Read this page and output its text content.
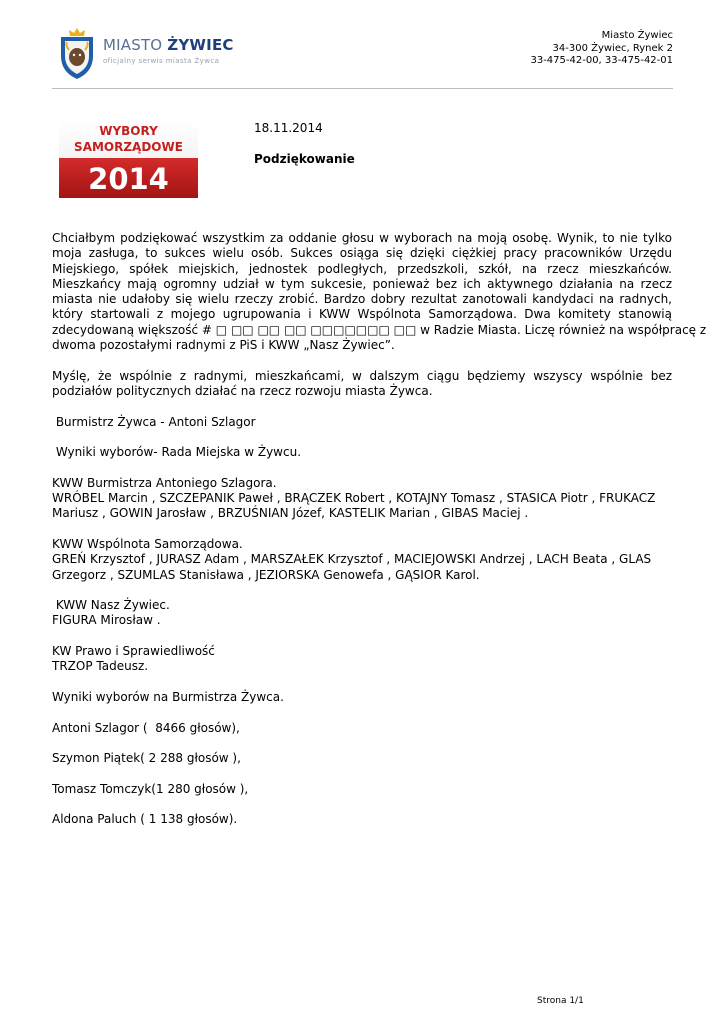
MIASTO ŻYWIEC
oficjalny serwis miasta Żywca
Miasto Żywiec
34-300 Żywiec, Rynek 2
33-475-42-00, 33-475-42-01
WYBORY
SAMORZĄDOWE
2014
18.11.2014
Podziękowanie
Chciałbym podziękować wszystkim za oddanie głosu w wyborach na moją osobę. Wynik, to nie tylko
moja zasługa, to sukces wielu osób. Sukces osiąga się dzięki ciężkiej pracy pracowników Urzędu
Miejskiego, spółek miejskich, jednostek podległych, przedszkoli, szkół, na rzecz mieszkańców.
Mieszkańcy mają ogromny udział w tym sukcesie, ponieważ bez ich aktywnego działania na rzecz
miasta nie udałoby się wielu rzeczy zrobić. Bardzo dobry rezultat zanotowali kandydaci na radnych,
który startowali z mojego ugrupowania i KWW Wspólnota Samorządowa. Dwa komitety stanowią
zdecydowaną większość # □ □□ □□ □□ □□□□□□□ □□ w Radzie Miasta. Liczę również na współpracę z
dwoma pozostałymi radnymi z PiS i KWW „Nasz Żywiec”.
Myślę, że wspólnie z radnymi, mieszkańcami, w dalszym ciągu będziemy wszyscy wspólnie bez
podziałów politycznych działać na rzecz rozwoju miasta Żywca.
Burmistrz Żywca - Antoni Szlagor
Wyniki wyborów- Rada Miejska w Żywcu.
KWW Burmistrza Antoniego Szlagora.
WRÓBEL Marcin , SZCZEPANIK Paweł , BRĄCZEK Robert , KOTAJNY Tomasz , STASICA Piotr , FRUKACZ
Mariusz , GOWIN Jarosław , BRZUŚNIAN Józef, KASTELIK Marian , GIBAS Maciej .
KWW Wspólnota Samorządowa.
GREŃ Krzysztof , JURASZ Adam , MARSZAŁEK Krzysztof , MACIEJOWSKI Andrzej , LACH Beata , GLAS
Grzegorz , SZUMLAS Stanisława , JEZIORSKA Genowefa , GĄSIOR Karol.
KWW Nasz Żywiec.
FIGURA Mirosław .
KW Prawo i Sprawiedliwość
TRZOP Tadeusz.
Wyniki wyborów na Burmistrza Żywca.
Antoni Szlagor (  8466 głosów),
Szymon Piątek( 2 288 głosów ),
Tomasz Tomczyk(1 280 głosów ),
Aldona Paluch ( 1 138 głosów).
Strona 1/1
